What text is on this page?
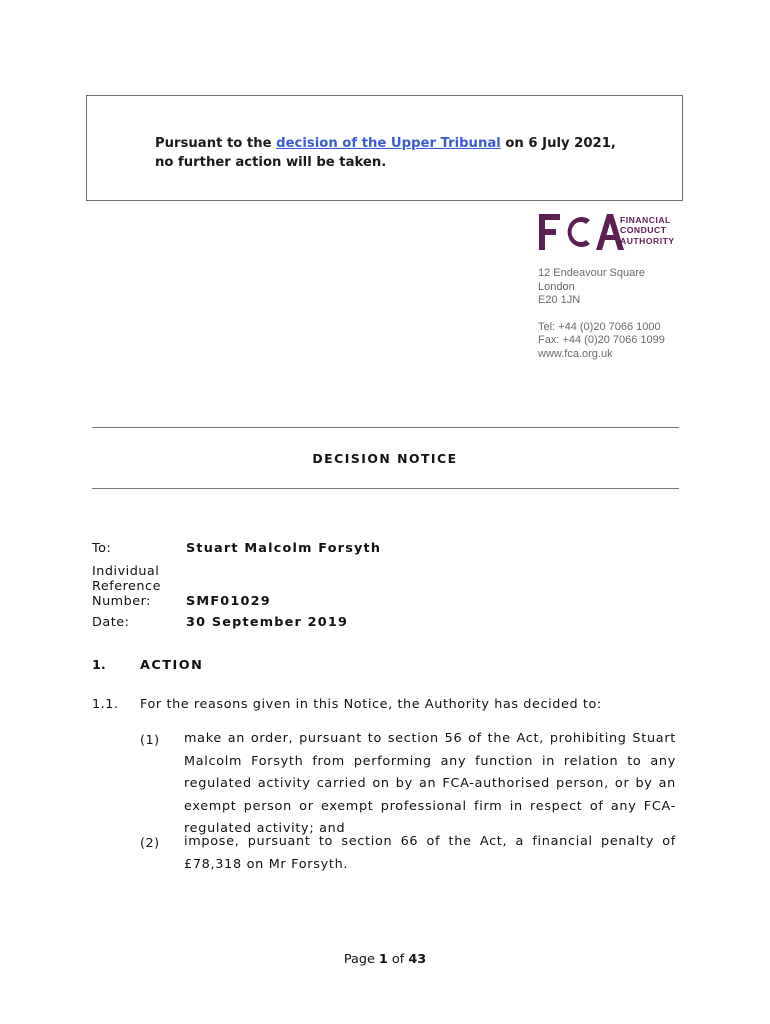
Pursuant to the decision of the Upper Tribunal on 6 July 2021,
no further action will be taken.
FINANCIAL
CONDUCT
AUTHORITY
12 Endeavour Square
London
E20 1JN
Tel: +44 (0)20 7066 1000
Fax: +44 (0)20 7066 1099
www.fca.org.uk
DECISION NOTICE
To:	Stuart Malcolm Forsyth
Individual
Reference
Number:	SMF01029
Date:	30 September 2019
1.	ACTION
1.1. For the reasons given in this Notice, the Authority has decided to:
(1) make an order, pursuant to section 56 of the Act, prohibiting Stuart Malcolm Forsyth from performing any function in relation to any regulated activity carried on by an FCA-authorised person, or by an exempt person or exempt professional firm in respect of any FCA-regulated activity; and
(2) impose, pursuant to section 66 of the Act, a financial penalty of £78,318 on Mr Forsyth.
Page 1 of 43
